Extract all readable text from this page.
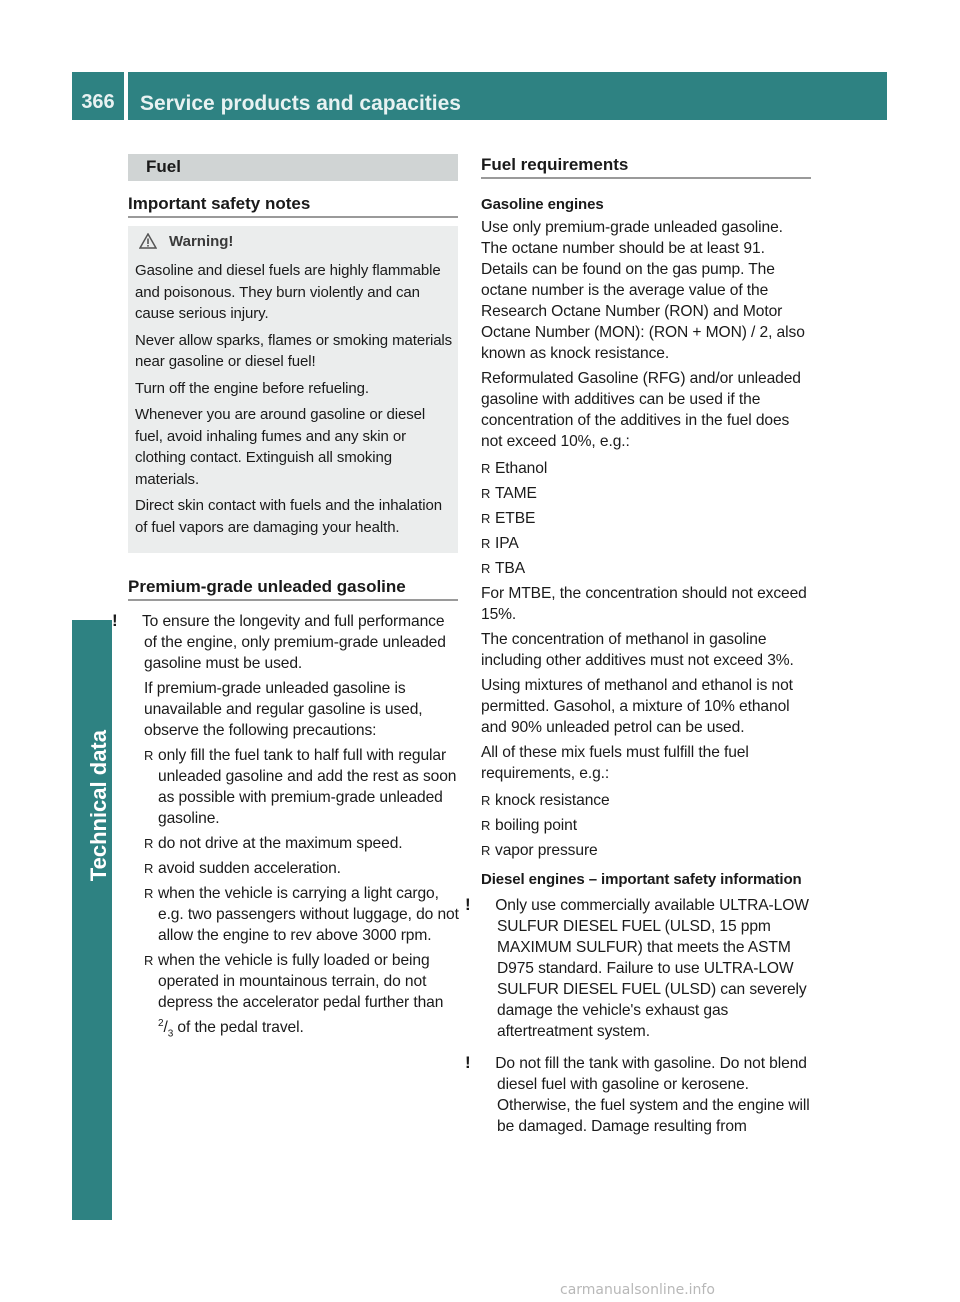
366	Service products and capacities
Technical data
Fuel
Important safety notes

Warning!

Gasoline and diesel fuels are highly flammable and poisonous. They burn violently and can cause serious injury.

Never allow sparks, flames or smoking materials near gasoline or diesel fuel!

Turn off the engine before refueling.

Whenever you are around gasoline or diesel fuel, avoid inhaling fumes and any skin or clothing contact. Extinguish all smoking materials.

Direct skin contact with fuels and the inhalation of fuel vapors are damaging your health.

Premium-grade unleaded gasoline

! To ensure the longevity and full performance of the engine, only premium-grade unleaded gasoline must be used.

If premium-grade unleaded gasoline is unavailable and regular gasoline is used, observe the following precautions:

R only fill the fuel tank to half full with regular unleaded gasoline and add the rest as soon as possible with premium-grade unleaded gasoline.
R do not drive at the maximum speed.
R avoid sudden acceleration.
R when the vehicle is carrying a light cargo, e.g. two passengers without luggage, do not allow the engine to rev above 3000 rpm.
R when the vehicle is fully loaded or being operated in mountainous terrain, do not depress the accelerator pedal further than $^2/_3$ of the pedal travel.
Fuel requirements

Gasoline engines

Use only premium-grade unleaded gasoline. The octane number should be at least 91. Details can be found on the gas pump. The octane number is the average value of the Research Octane Number (RON) and Motor Octane Number (MON): (RON + MON) / 2, also known as knock resistance.

Reformulated Gasoline (RFG) and/or unleaded gasoline with additives can be used if the concentration of the additives in the fuel does not exceed 10%, e.g.:

R Ethanol
R TAME
R ETBE
R IPA
R TBA

For MTBE, the concentration should not exceed 15%.

The concentration of methanol in gasoline including other additives must not exceed 3%.

Using mixtures of methanol and ethanol is not permitted. Gasohol, a mixture of 10% ethanol and 90% unleaded petrol can be used.

All of these mix fuels must fulfill the fuel requirements, e.g.:

R knock resistance
R boiling point
R vapor pressure

Diesel engines – important safety information

! Only use commercially available ULTRA-LOW SULFUR DIESEL FUEL (ULSD, 15 ppm MAXIMUM SULFUR) that meets the ASTM D975 standard. Failure to use ULTRA-LOW SULFUR DIESEL FUEL (ULSD) can severely damage the vehicle's exhaust gas aftertreatment system.

! Do not fill the tank with gasoline. Do not blend diesel fuel with gasoline or kerosene. Otherwise, the fuel system and the engine will be damaged. Damage resulting from

carmanualsonline.info
